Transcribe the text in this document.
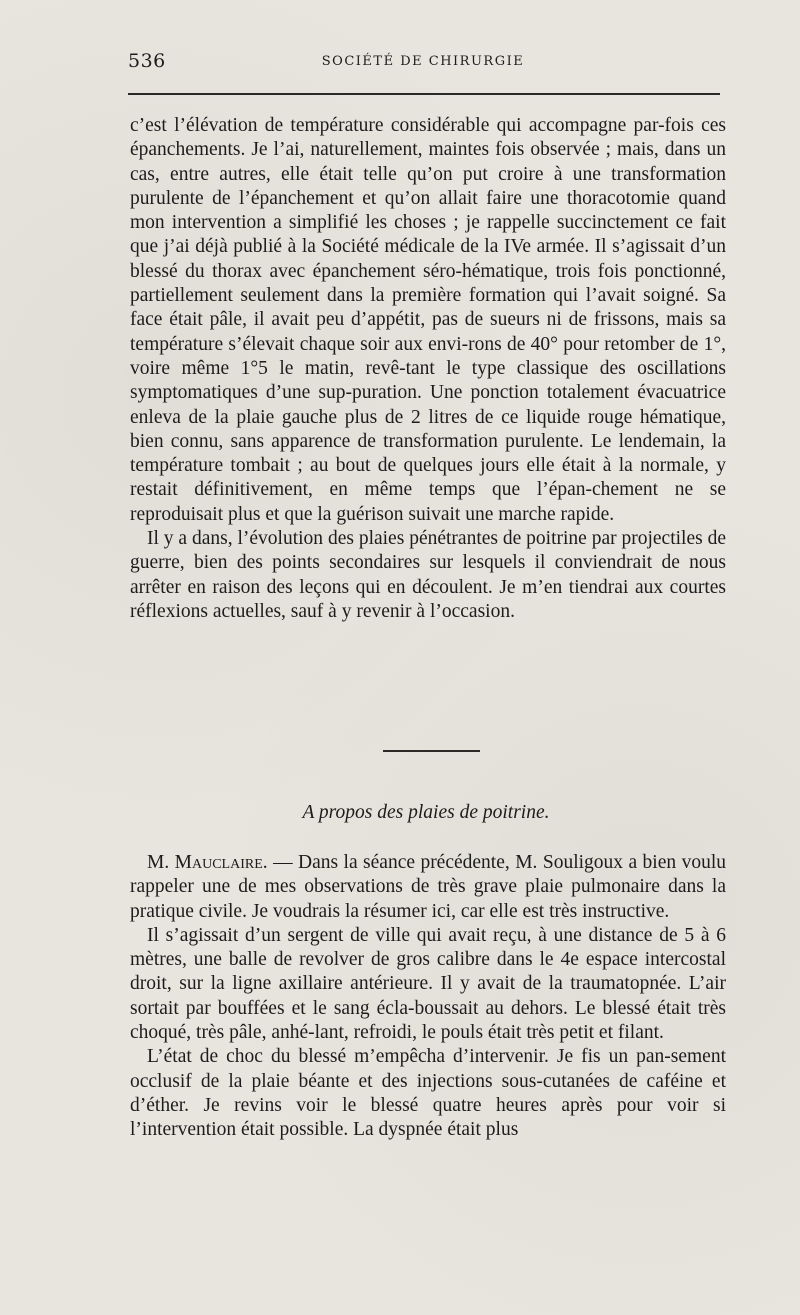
536	SOCIÉTÉ DE CHIRURGIE

c’est l’élévation de température considérable qui accompagne par-fois ces épanchements. Je l’ai, naturellement, maintes fois observée ; mais, dans un cas, entre autres, elle était telle qu’on put croire à une transformation purulente de l’épanchement et qu’on allait faire une thoracotomie quand mon intervention a simplifié les choses ; je rappelle succinctement ce fait que j’ai déjà publié à la Société médicale de la IVe armée. Il s’agissait d’un blessé du thorax avec épanchement séro-hématique, trois fois ponctionné, partiellement seulement dans la première formation qui l’avait soigné. Sa face était pâle, il avait peu d’appétit, pas de sueurs ni de frissons, mais sa température s’élevait chaque soir aux envi-rons de 40° pour retomber de 1°, voire même 1°5 le matin, revê-tant le type classique des oscillations symptomatiques d’une sup-puration. Une ponction totalement évacuatrice enleva de la plaie gauche plus de 2 litres de ce liquide rouge hématique, bien connu, sans apparence de transformation purulente. Le lendemain, la température tombait ; au bout de quelques jours elle était à la normale, y restait définitivement, en même temps que l’épan-chement ne se reproduisait plus et que la guérison suivait une marche rapide.

Il y a dans, l’évolution des plaies pénétrantes de poitrine par projectiles de guerre, bien des points secondaires sur lesquels il conviendrait de nous arrêter en raison des leçons qui en découlent. Je m’en tiendrai aux courtes réflexions actuelles, sauf à y revenir à l’occasion.

A propos des plaies de poitrine.

M. Mauclaire. — Dans la séance précédente, M. Souligoux a bien voulu rappeler une de mes observations de très grave plaie pulmonaire dans la pratique civile. Je voudrais la résumer ici, car elle est très instructive.

Il s’agissait d’un sergent de ville qui avait reçu, à une distance de 5 à 6 mètres, une balle de revolver de gros calibre dans le 4e espace intercostal droit, sur la ligne axillaire antérieure. Il y avait de la traumatopnée. L’air sortait par bouffées et le sang écla-boussait au dehors. Le blessé était très choqué, très pâle, anhé-lant, refroidi, le pouls était très petit et filant.

L’état de choc du blessé m’empêcha d’intervenir. Je fis un pan-sement occlusif de la plaie béante et des injections sous-cutanées de caféine et d’éther. Je revins voir le blessé quatre heures après pour voir si l’intervention était possible. La dyspnée était plus
